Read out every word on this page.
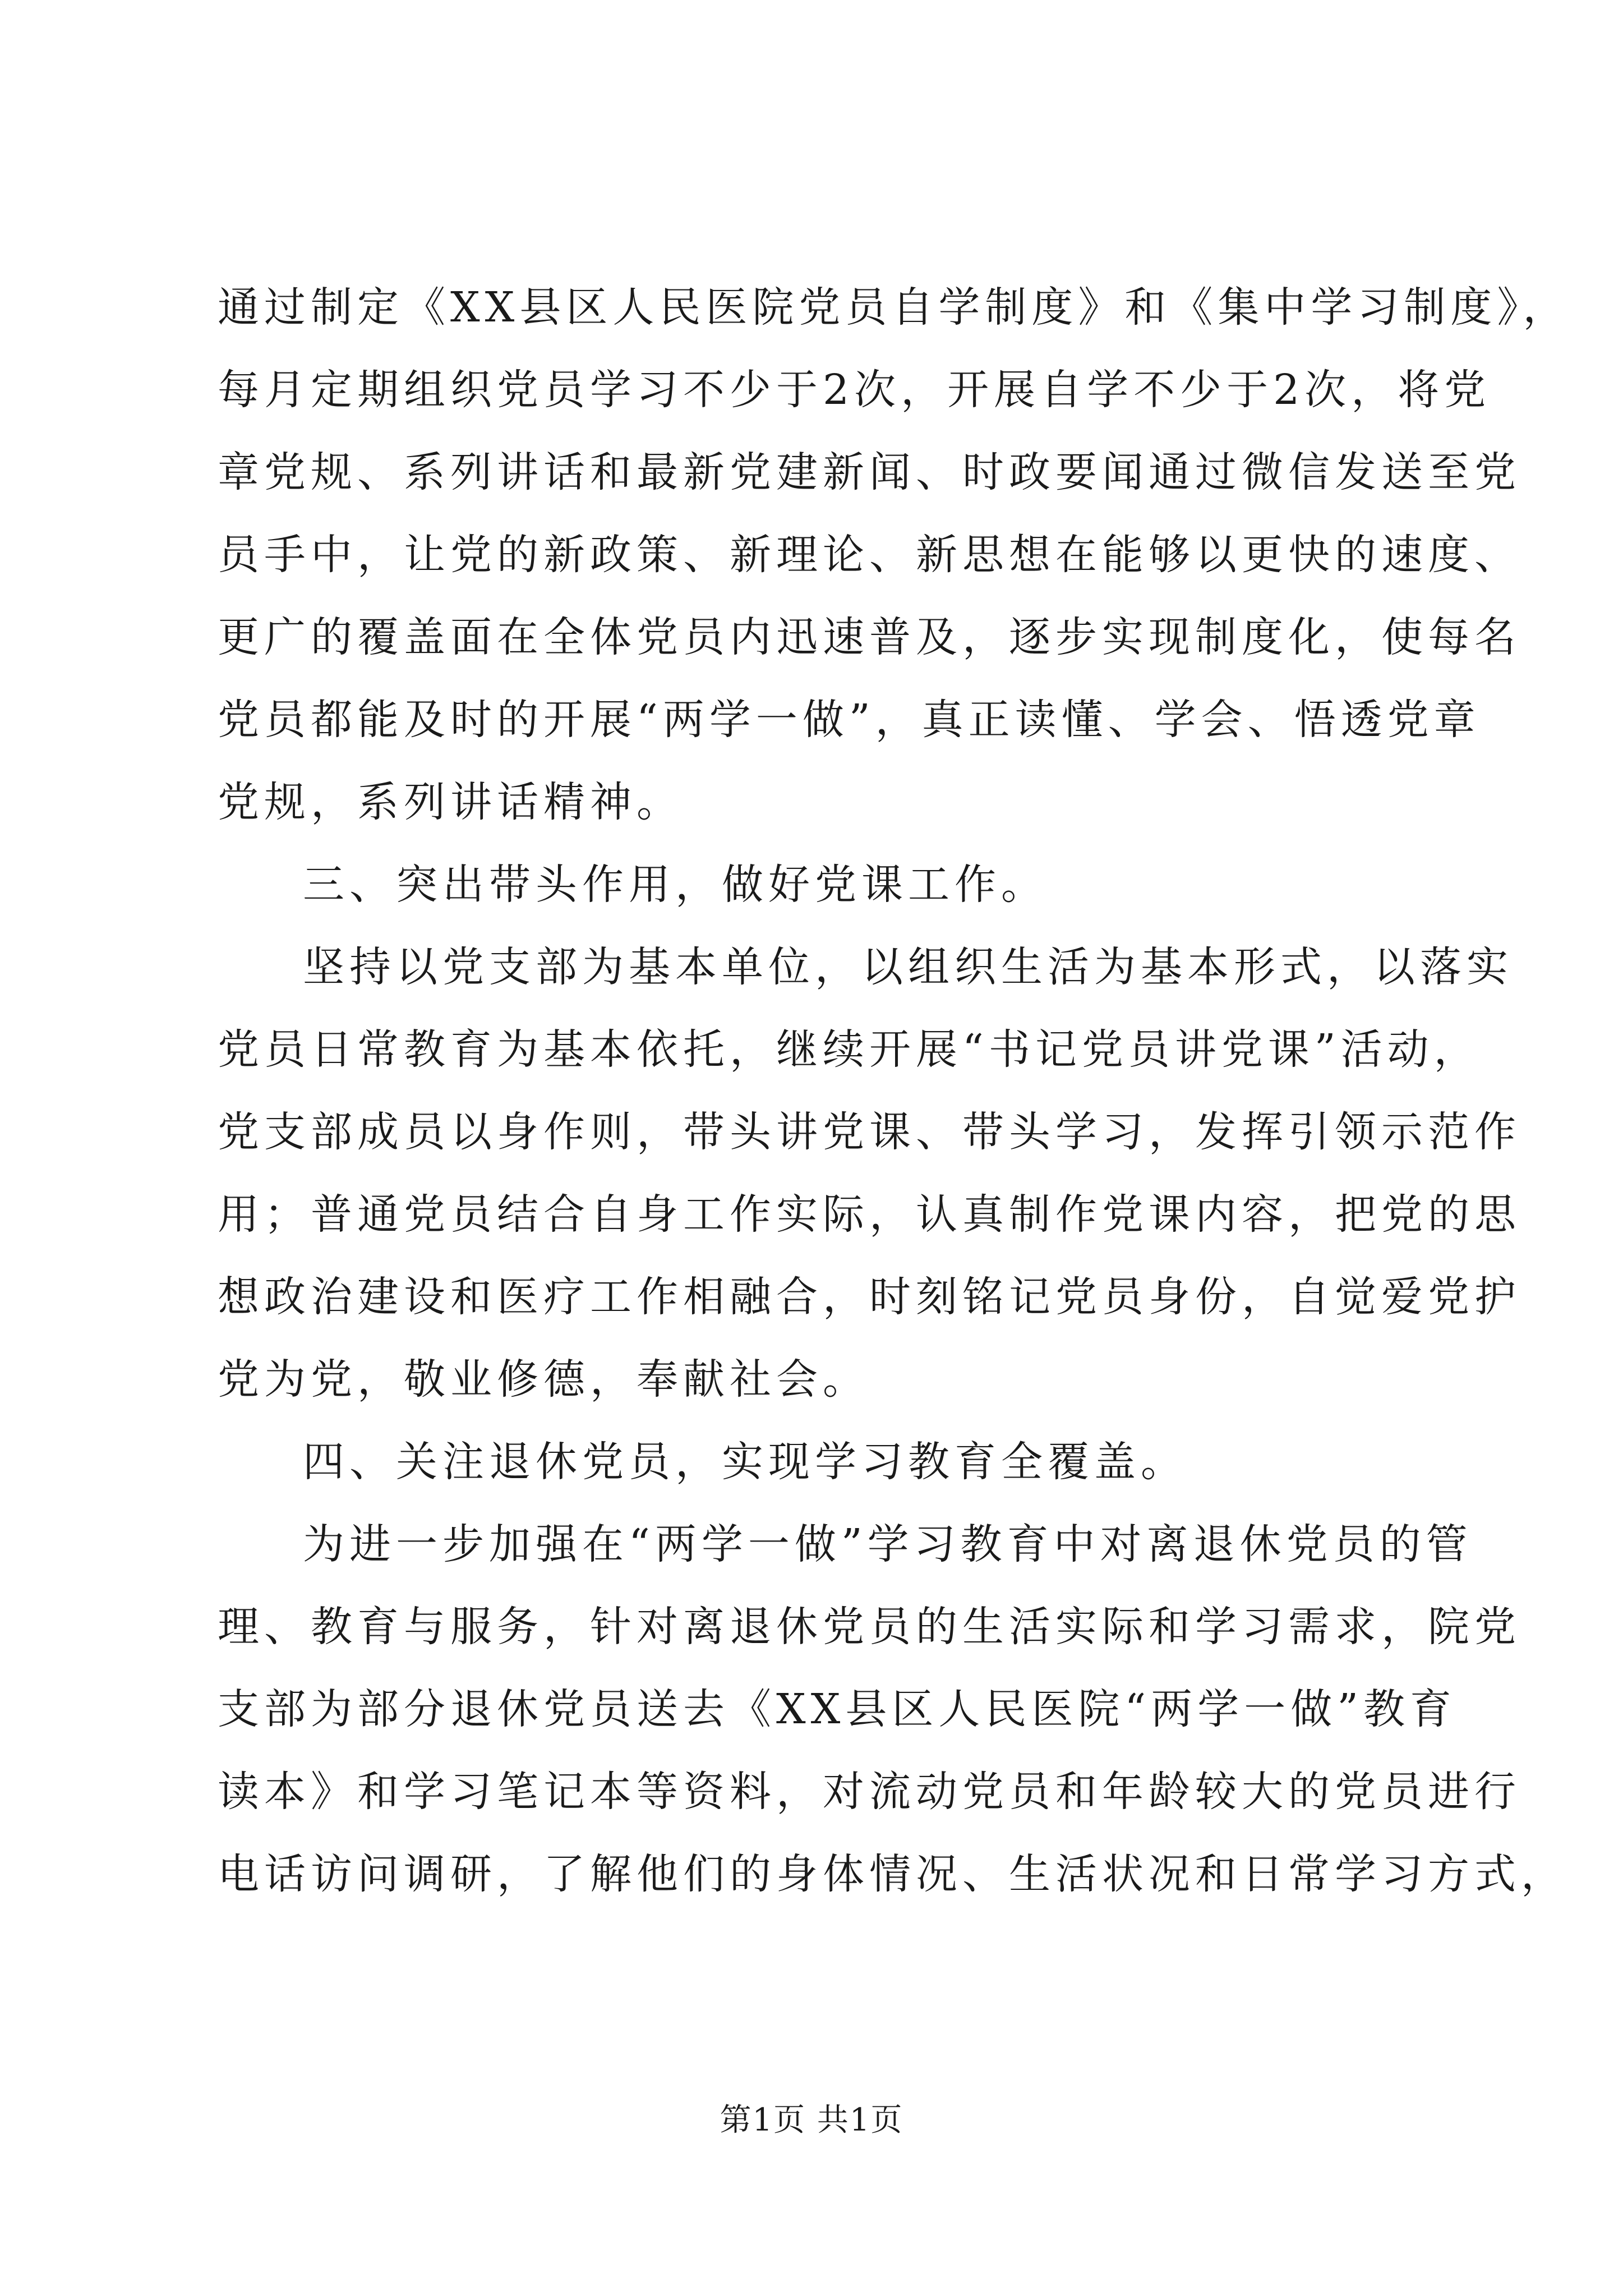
通过制定《XX县区人民医院党员自学制度》和《集中学习制度》，
每月定期组织党员学习不少于2次，开展自学不少于2次，将党
章党规、系列讲话和最新党建新闻、时政要闻通过微信发送至党
员手中，让党的新政策、新理论、新思想在能够以更快的速度、
更广的覆盖面在全体党员内迅速普及，逐步实现制度化，使每名
党员都能及时的开展“两学一做”，真正读懂、学会、悟透党章
党规，系列讲话精神。
三、突出带头作用，做好党课工作。
坚持以党支部为基本单位，以组织生活为基本形式，以落实
党员日常教育为基本依托，继续开展“书记党员讲党课”活动，
党支部成员以身作则，带头讲党课、带头学习，发挥引领示范作
用；普通党员结合自身工作实际，认真制作党课内容，把党的思
想政治建设和医疗工作相融合，时刻铭记党员身份，自觉爱党护
党为党，敬业修德，奉献社会。
四、关注退休党员，实现学习教育全覆盖。
为进一步加强在“两学一做”学习教育中对离退休党员的管
理、教育与服务，针对离退休党员的生活实际和学习需求，院党
支部为部分退休党员送去《XX县区人民医院“两学一做”教育
读本》和学习笔记本等资料，对流动党员和年龄较大的党员进行
电话访问调研，了解他们的身体情况、生活状况和日常学习方式，
第1页 共1页
